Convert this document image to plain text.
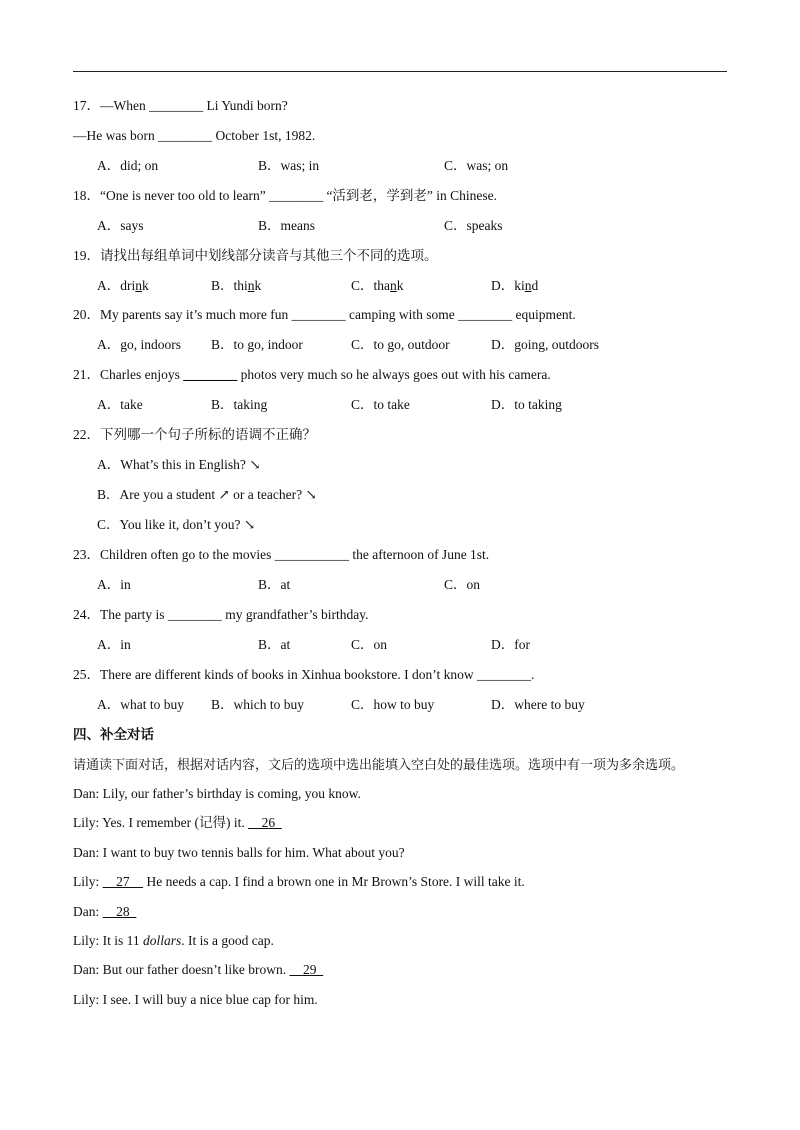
17．—When ________ Li Yundi born?
—He was born ________ October 1st, 1982.
A．did; on	B．was; in	C．was; on
18．“One is never too old to learn” ________ “活到老，学到老” in Chinese.
A．says	B．means	C．speaks
19．请找出每组单词中划线部分读音与其他三个不同的选项。
A．drink	B．think	C．thank	D．kind
20．My parents say it’s much more fun ________ camping with some ________ equipment.
A．go, indoors B．to go, indoor	C．to go, outdoor	D．going, outdoors
21．Charles enjoys ________ photos very much so he always goes out with his camera.
A．take	B．taking	C．to take	D．to taking
22．下列哪一个句子所标的语调不正确？
A．What’s this in English? ↘
B．Are you a student ↗ or a teacher? ↘
C．You like it, don’t you? ↘
23．Children often go to the movies ___________ the afternoon of June 1st.
A．in	B．at	C．on
24．The party is ________ my grandfather’s birthday.
A．in	B．at	C．on	D．for
25．There are different kinds of books in Xinhua bookstore. I don’t know ________.
A．what to buy B．which to buy	C．how to buy	D．where to buy
四、补全对话
请通读下面对话，根据对话内容，文后的选项中选出能填入空白处的最佳选项。选项中有一项为多余选项。
Dan: Lily, our father’s birthday is coming, you know.
Lily: Yes. I remember (记得) it.     26
Dan: I want to buy two tennis balls for him. What about you?
Lily:     27     He needs a cap. I find a brown one in Mr Brown’s Store. I will take it.
Dan:     28
Lily: It is 11 dollars. It is a good cap.
Dan: But our father doesn’t like brown.     29
Lily: I see. I will buy a nice blue cap for him.
